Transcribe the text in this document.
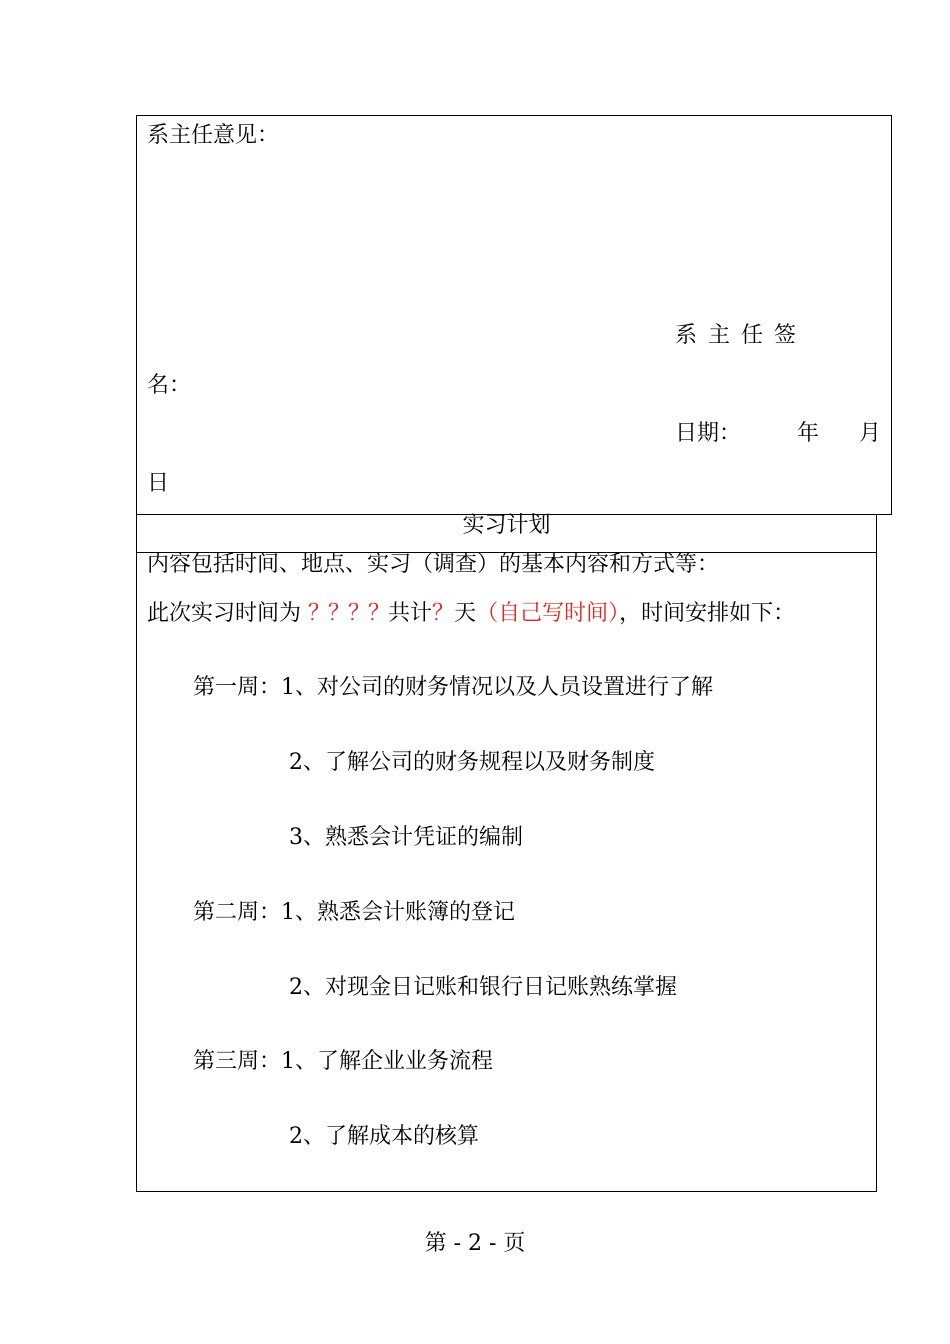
系主任意见：
系 主 任 签
名：
日期：	年 月
日
实习计划
内容包括时间、地点、实习（调查）的基本内容和方式等：
此次实习时间为 ？？？？共计？天（自己写时间），时间安排如下：
第一周：1、对公司的财务情况以及人员设置进行了解
2、了解公司的财务规程以及财务制度
3、熟悉会计凭证的编制
第二周：1、熟悉会计账簿的登记
2、对现金日记账和银行日记账熟练掌握
第三周：1、了解企业业务流程
2、了解成本的核算
第 - 2 - 页
